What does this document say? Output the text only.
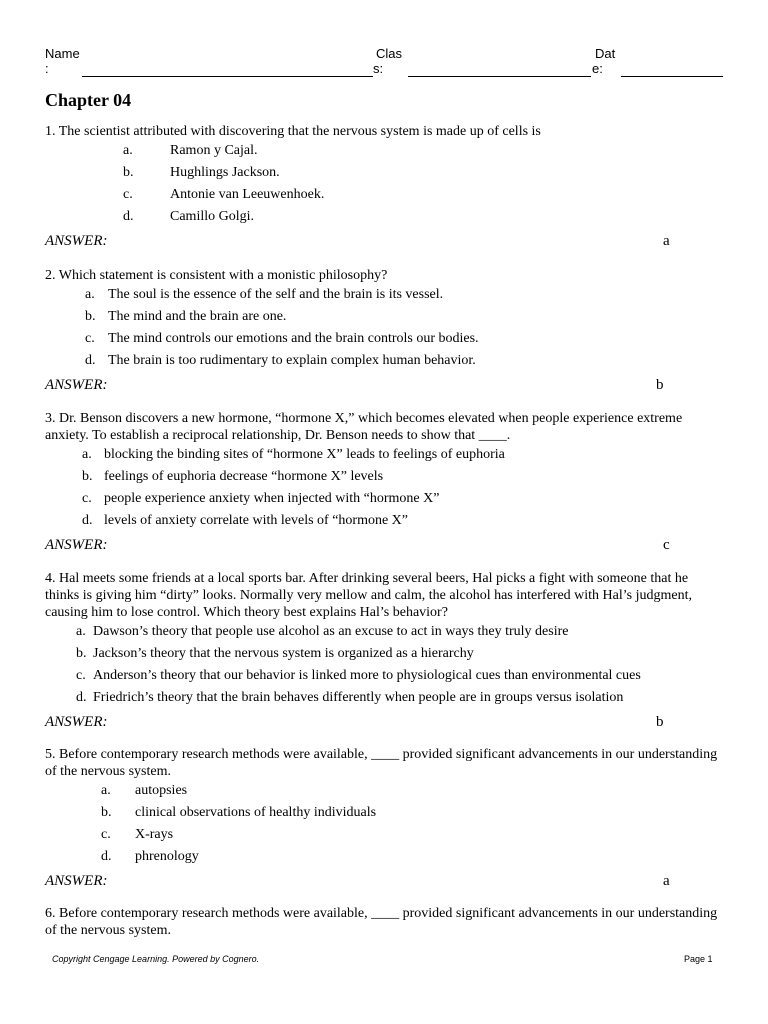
Name
:
Clas
s:
Dat
e:
Chapter 04

1. The scientist attributed with discovering that the nervous system is made up of cells is

a.	Ramon y Cajal.
b.	Hughlings Jackson.
c.	Antonie van Leeuwenhoek.
d.	Camillo Golgi.
ANSWER:	a

2. Which statement is consistent with a monistic philosophy?

a. The soul is the essence of the self and the brain is its vessel.
b. The mind and the brain are one.
c. The mind controls our emotions and the brain controls our bodies.
d. The brain is too rudimentary to explain complex human behavior.
ANSWER:	b

3. Dr. Benson discovers a new hormone, “hormone X,” which becomes elevated when people experience extreme anxiety. To establish a reciprocal relationship, Dr. Benson needs to show that ____.

a. blocking the binding sites of “hormone X” leads to feelings of euphoria
b. feelings of euphoria decrease “hormone X” levels
c. people experience anxiety when injected with “hormone X”
d. levels of anxiety correlate with levels of “hormone X”
ANSWER:	c

4. Hal meets some friends at a local sports bar. After drinking several beers, Hal picks a fight with someone that he thinks is giving him “dirty” looks. Normally very mellow and calm, the alcohol has interfered with Hal’s judgment, causing him to lose control. Which theory best explains Hal’s behavior?

a. Dawson’s theory that people use alcohol as an excuse to act in ways they truly desire
b. Jackson’s theory that the nervous system is organized as a hierarchy
c. Anderson’s theory that our behavior is linked more to physiological cues than environmental cues
d. Friedrich’s theory that the brain behaves differently when people are in groups versus isolation
ANSWER:	b

5. Before contemporary research methods were available, ____ provided significant advancements in our understanding of the nervous system.

a. autopsies
b. clinical observations of healthy individuals
c. X-rays
d. phrenology
ANSWER:	a

6. Before contemporary research methods were available, ____ provided significant advancements in our understanding of the nervous system.

Copyright Cengage Learning. Powered by Cognero.	Page 1
